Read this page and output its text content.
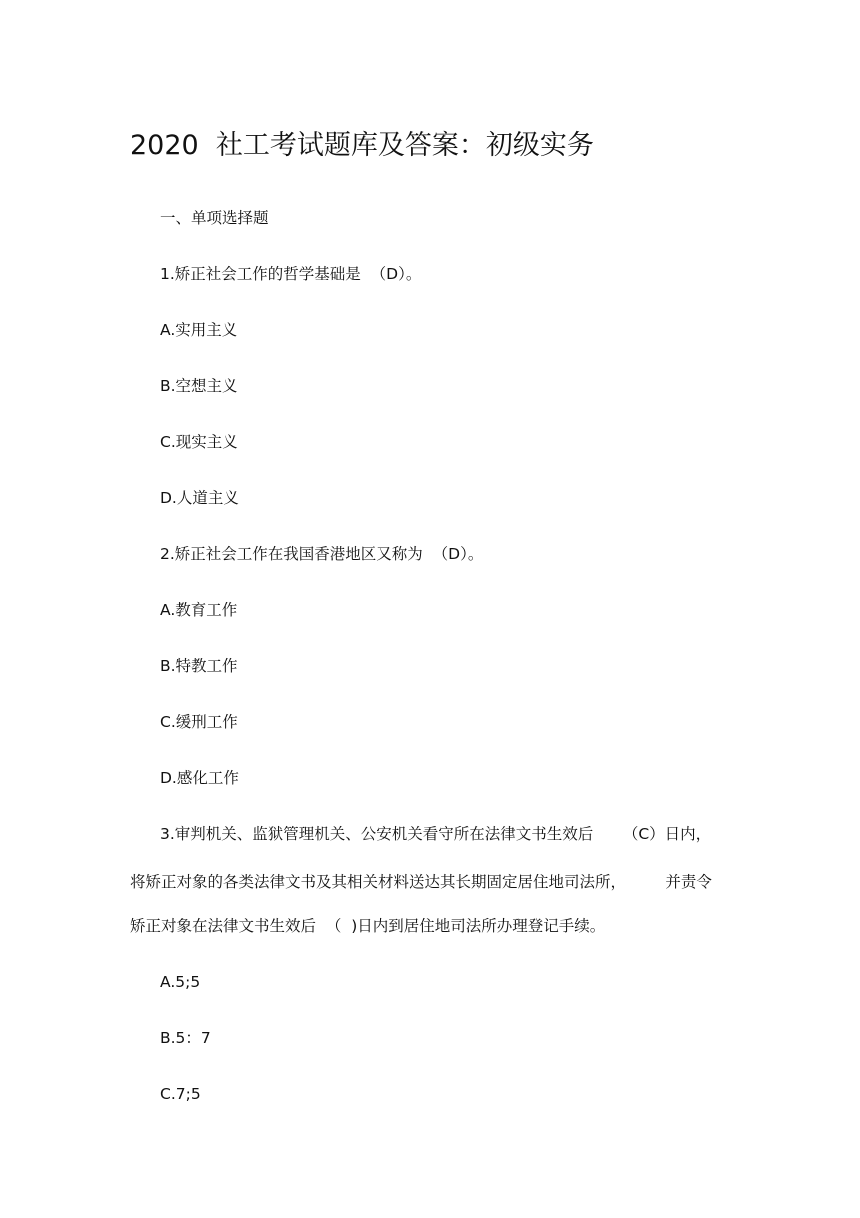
2020  社工考试题库及答案：初级实务
一、单项选择题
1.矫正社会工作的哲学基础是  （D）。
A.实用主义
B.空想主义
C.现实主义
D.人道主义
2.矫正社会工作在我国香港地区又称为  （D）。
A.教育工作
B.特教工作
C.缓刑工作
D.感化工作
3.审判机关、监狱管理机关、公安机关看守所在法律文书生效后      （C）日内，
将矫正对象的各类法律文书及其相关材料送达其长期固定居住地司法所，        并责令
矫正对象在法律文书生效后  （  )日内到居住地司法所办理登记手续。
A.5;5
B.5：7
C.7;5
